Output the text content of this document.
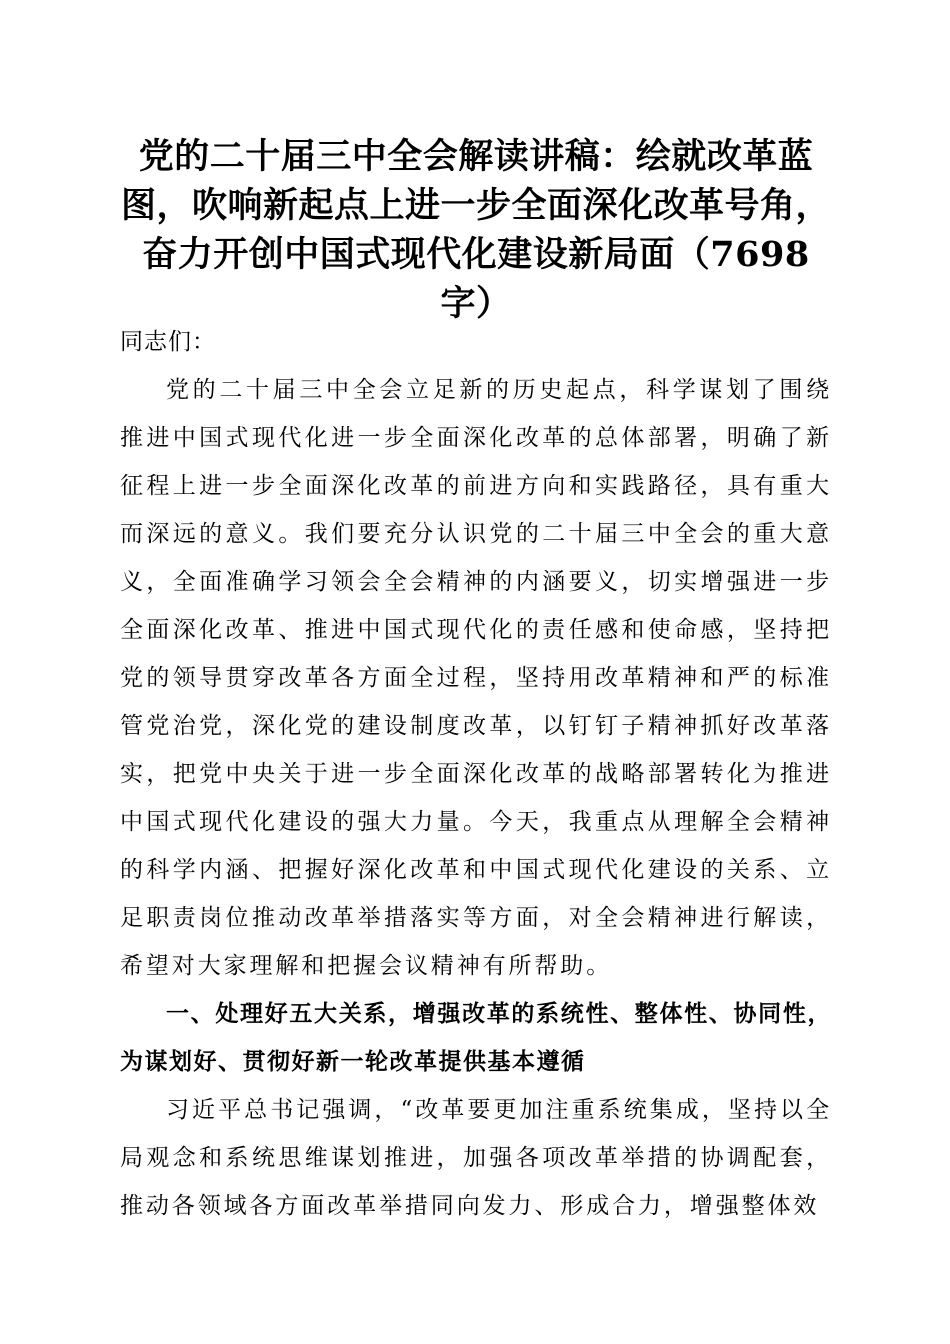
党的二十届三中全会解读讲稿：绘就改革蓝图，吹响新起点上进一步全面深化改革号角，奋力开创中国式现代化建设新局面（7698字）

同志们：

党的二十届三中全会立足新的历史起点，科学谋划了围绕推进中国式现代化进一步全面深化改革的总体部署，明确了新征程上进一步全面深化改革的前进方向和实践路径，具有重大而深远的意义。我们要充分认识党的二十届三中全会的重大意义，全面准确学习领会全会精神的内涵要义，切实增强进一步全面深化改革、推进中国式现代化的责任感和使命感，坚持把党的领导贯穿改革各方面全过程，坚持用改革精神和严的标准管党治党，深化党的建设制度改革，以钉钉子精神抓好改革落实，把党中央关于进一步全面深化改革的战略部署转化为推进中国式现代化建设的强大力量。今天，我重点从理解全会精神的科学内涵、把握好深化改革和中国式现代化建设的关系、立足职责岗位推动改革举措落实等方面，对全会精神进行解读，希望对大家理解和把握会议精神有所帮助。

一、处理好五大关系，增强改革的系统性、整体性、协同性，为谋划好、贯彻好新一轮改革提供基本遵循

习近平总书记强调，“改革要更加注重系统集成，坚持以全局观念和系统思维谋划推进，加强各项改革举措的协调配套，推动各领域各方面改革举措同向发力、形成合力，增强整体效
